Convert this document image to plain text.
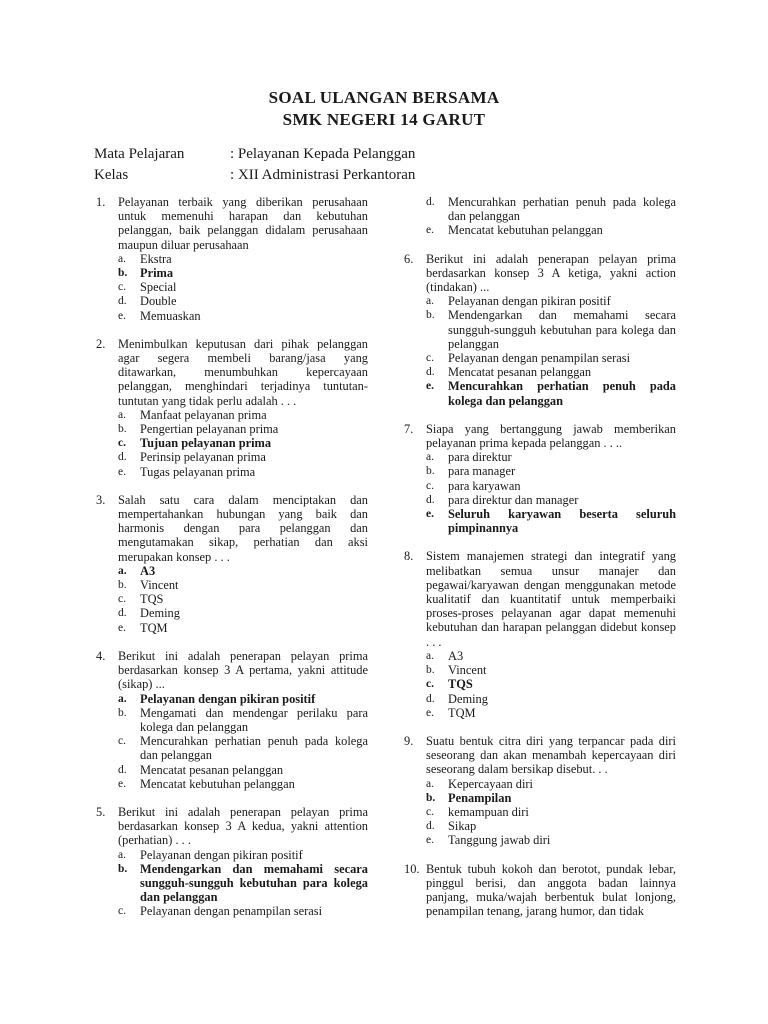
SOAL ULANGAN BERSAMA
SMK NEGERI 14 GARUT
Mata Pelajaran	: Pelayanan Kepada Pelanggan
Kelas	: XII Administrasi Perkantoran
1.	Pelayanan terbaik yang diberikan perusahaan untuk memenuhi harapan dan kebutuhan pelanggan, baik pelanggan didalam perusahaan maupun diluar perusahaan
a.	Ekstra
b.	Prima
c.	Special
d.	Double
e.	Memuaskan
2.	Menimbulkan keputusan dari pihak pelanggan agar segera membeli barang/jasa yang ditawarkan, menumbuhkan kepercayaan pelanggan, menghindari terjadinya tuntutan-tuntutan yang tidak perlu adalah . . .
a.	Manfaat pelayanan prima
b.	Pengertian pelayanan prima
c.	Tujuan pelayanan prima
d.	Perinsip pelayanan prima
e.	Tugas pelayanan prima
3.	Salah satu cara dalam menciptakan dan mempertahankan hubungan yang baik dan harmonis dengan para pelanggan dan mengutamakan sikap, perhatian dan aksi merupakan konsep . . .
a.	A3
b.	Vincent
c.	TQS
d.	Deming
e.	TQM
4.	Berikut ini adalah penerapan pelayan prima berdasarkan konsep 3 A pertama, yakni attitude (sikap) ...
a.	Pelayanan dengan pikiran positif
b.	Mengamati dan mendengar perilaku para kolega dan pelanggan
c.	Mencurahkan perhatian penuh pada kolega dan pelanggan
d.	Mencatat pesanan pelanggan
e.	Mencatat kebutuhan pelanggan
5.	Berikut ini adalah penerapan pelayan prima berdasarkan konsep 3 A kedua, yakni attention (perhatian) . . .
a.	Pelayanan dengan pikiran positif
b.	Mendengarkan dan memahami secara sungguh-sungguh kebutuhan para kolega dan pelanggan
c.	Pelayanan dengan penampilan serasi
d.	Mencurahkan perhatian penuh pada kolega dan pelanggan
e.	Mencatat kebutuhan pelanggan
6.	Berikut ini adalah penerapan pelayan prima berdasarkan konsep 3 A ketiga, yakni action (tindakan) ...
a.	Pelayanan dengan pikiran positif
b.	Mendengarkan dan memahami secara sungguh-sungguh kebutuhan para kolega dan pelanggan
c.	Pelayanan dengan penampilan serasi
d.	Mencatat pesanan pelanggan
e.	Mencurahkan perhatian penuh pada kolega dan pelanggan
7.	Siapa yang bertanggung jawab memberikan pelayanan prima kepada pelanggan . . ..
a.	para direktur
b.	para manager
c.	para karyawan
d.	para direktur dan manager
e.	Seluruh karyawan beserta seluruh pimpinannya
8.	Sistem manajemen strategi dan integratif yang melibatkan semua unsur manajer dan pegawai/karyawan dengan menggunakan metode kualitatif dan kuantitatif untuk memperbaiki proses-proses pelayanan agar dapat memenuhi kebutuhan dan harapan pelanggan didebut konsep . . .
a.	A3
b.	Vincent
c.	TQS
d.	Deming
e.	TQM
9.	Suatu bentuk citra diri yang terpancar pada diri seseorang dan akan menambah kepercayaan diri seseorang dalam bersikap disebut. . .
a.	Kepercayaan diri
b.	Penampilan
c.	kemampuan diri
d.	Sikap
e.	Tanggung jawab diri
10. Bentuk tubuh kokoh dan berotot, pundak lebar, pinggul berisi, dan anggota badan lainnya panjang, muka/wajah berbentuk bulat lonjong, penampilan tenang, jarang humor, dan tidak
